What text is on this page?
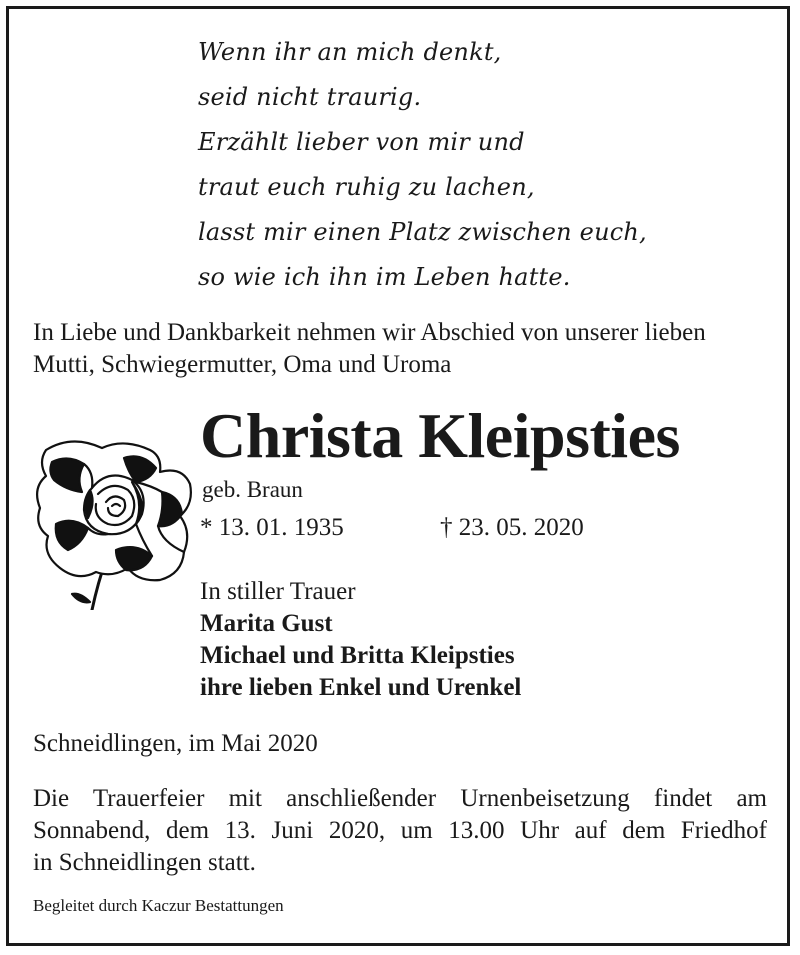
Wenn ihr an mich denkt,
seid nicht traurig.
Erzählt lieber von mir und
traut euch ruhig zu lachen,
lasst mir einen Platz zwischen euch,
so wie ich ihn im Leben hatte.
In Liebe und Dankbarkeit nehmen wir Abschied von unserer lieben
Mutti, Schwiegermutter, Oma und Uroma
Christa Kleipsties
geb. Braun
* 13. 01. 1935	† 23. 05. 2020
In stiller Trauer
Marita Gust
Michael und Britta Kleipsties
ihre lieben Enkel und Urenkel
Schneidlingen, im Mai 2020
Die Trauerfeier mit anschließender Urnenbeisetzung findet am
Sonnabend, dem 13. Juni 2020, um 13.00 Uhr auf dem Friedhof
in Schneidlingen statt.
Begleitet durch Kaczur Bestattungen
